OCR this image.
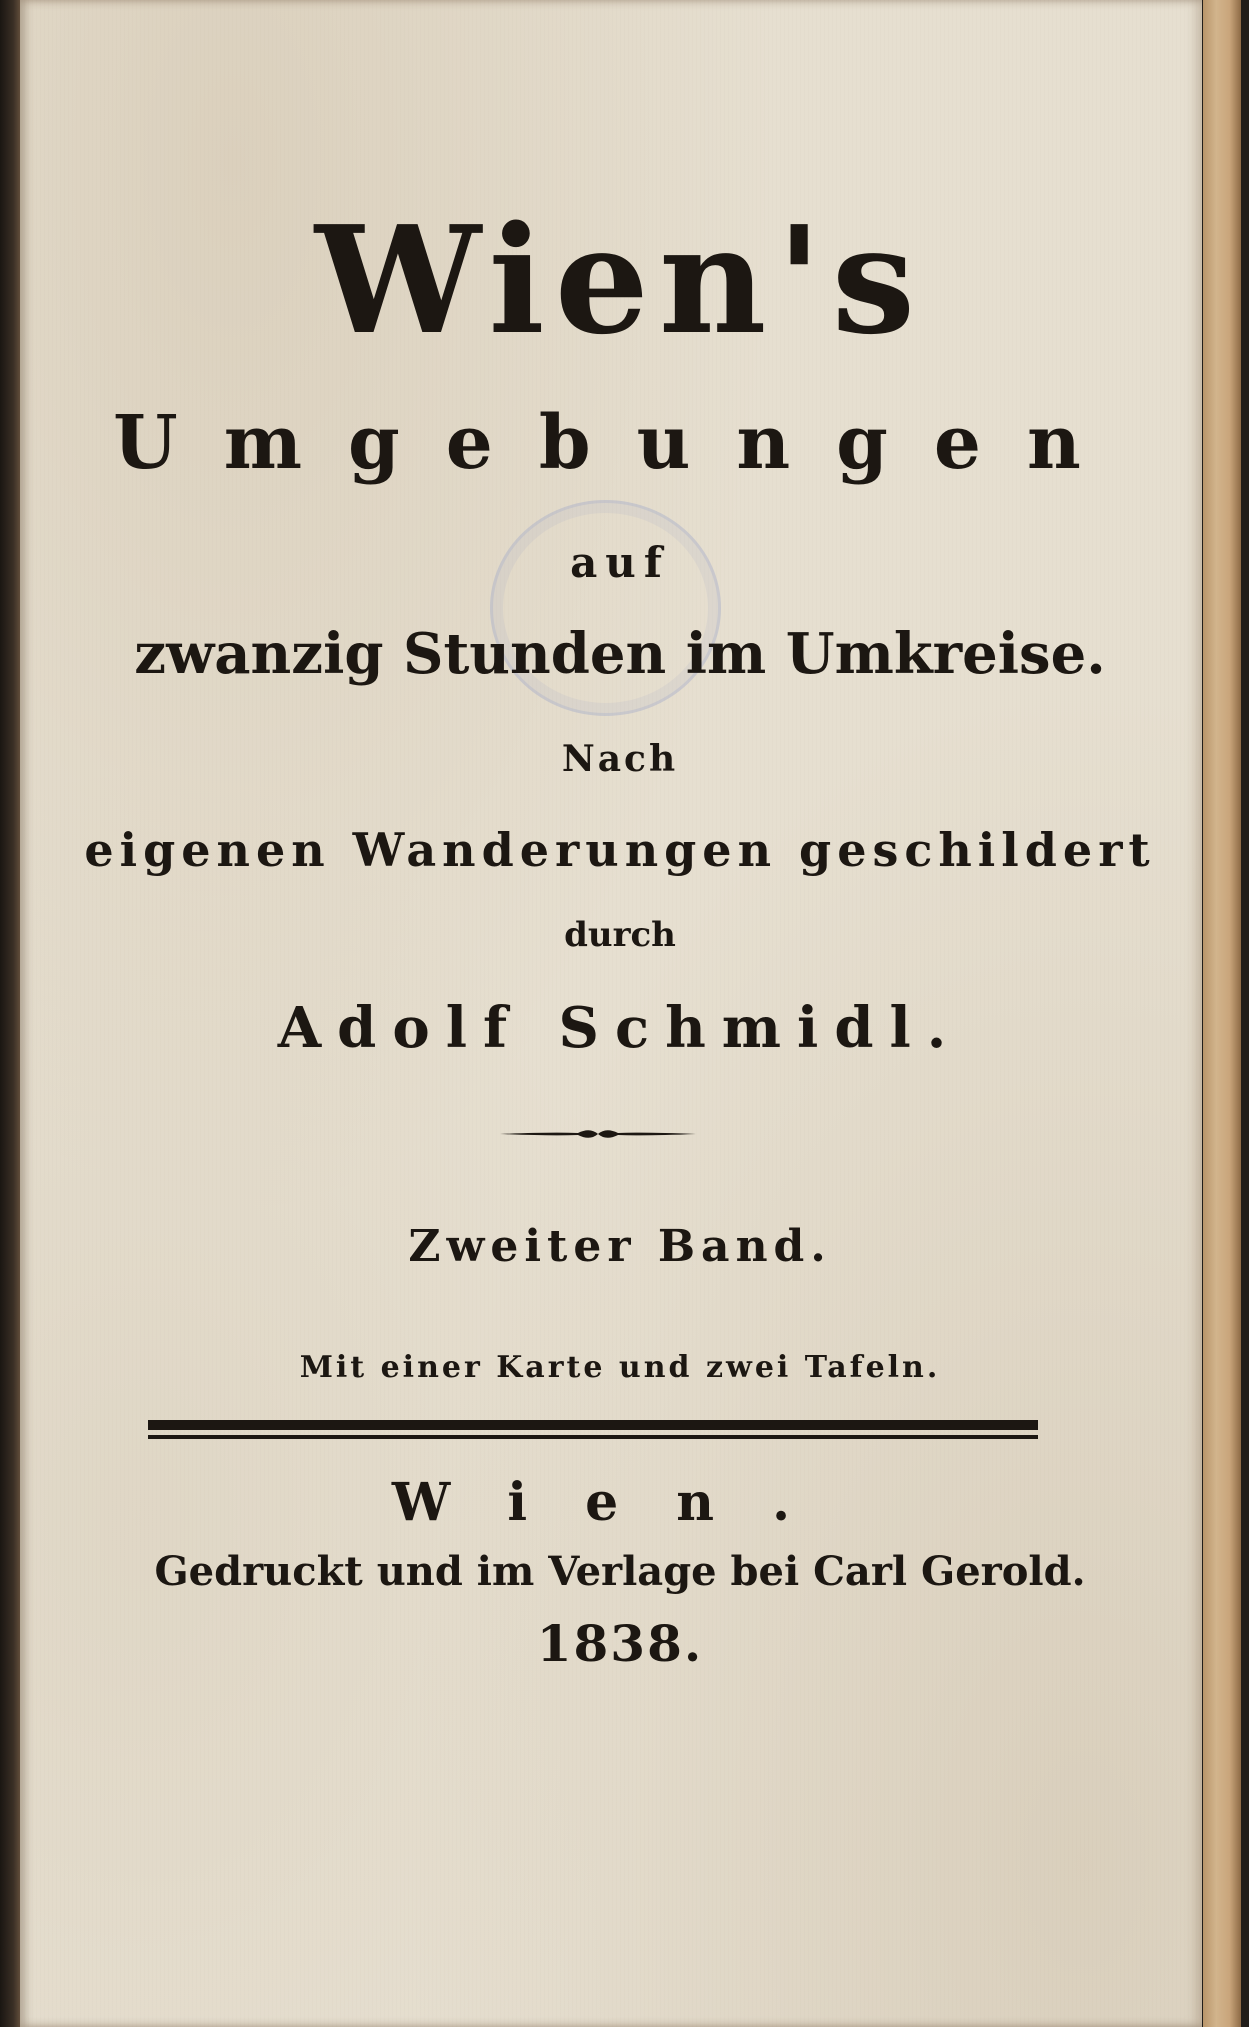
Wien's
Umgebungen
auf
zwanzig Stunden im Umkreise.
Nach
eigenen Wanderungen geschildert
durch
Adolf Schmidl.
Zweiter Band.
Mit einer Karte und zwei Tafeln.
Wien.
Gedruckt und im Verlage bei Carl Gerold.
1838.
